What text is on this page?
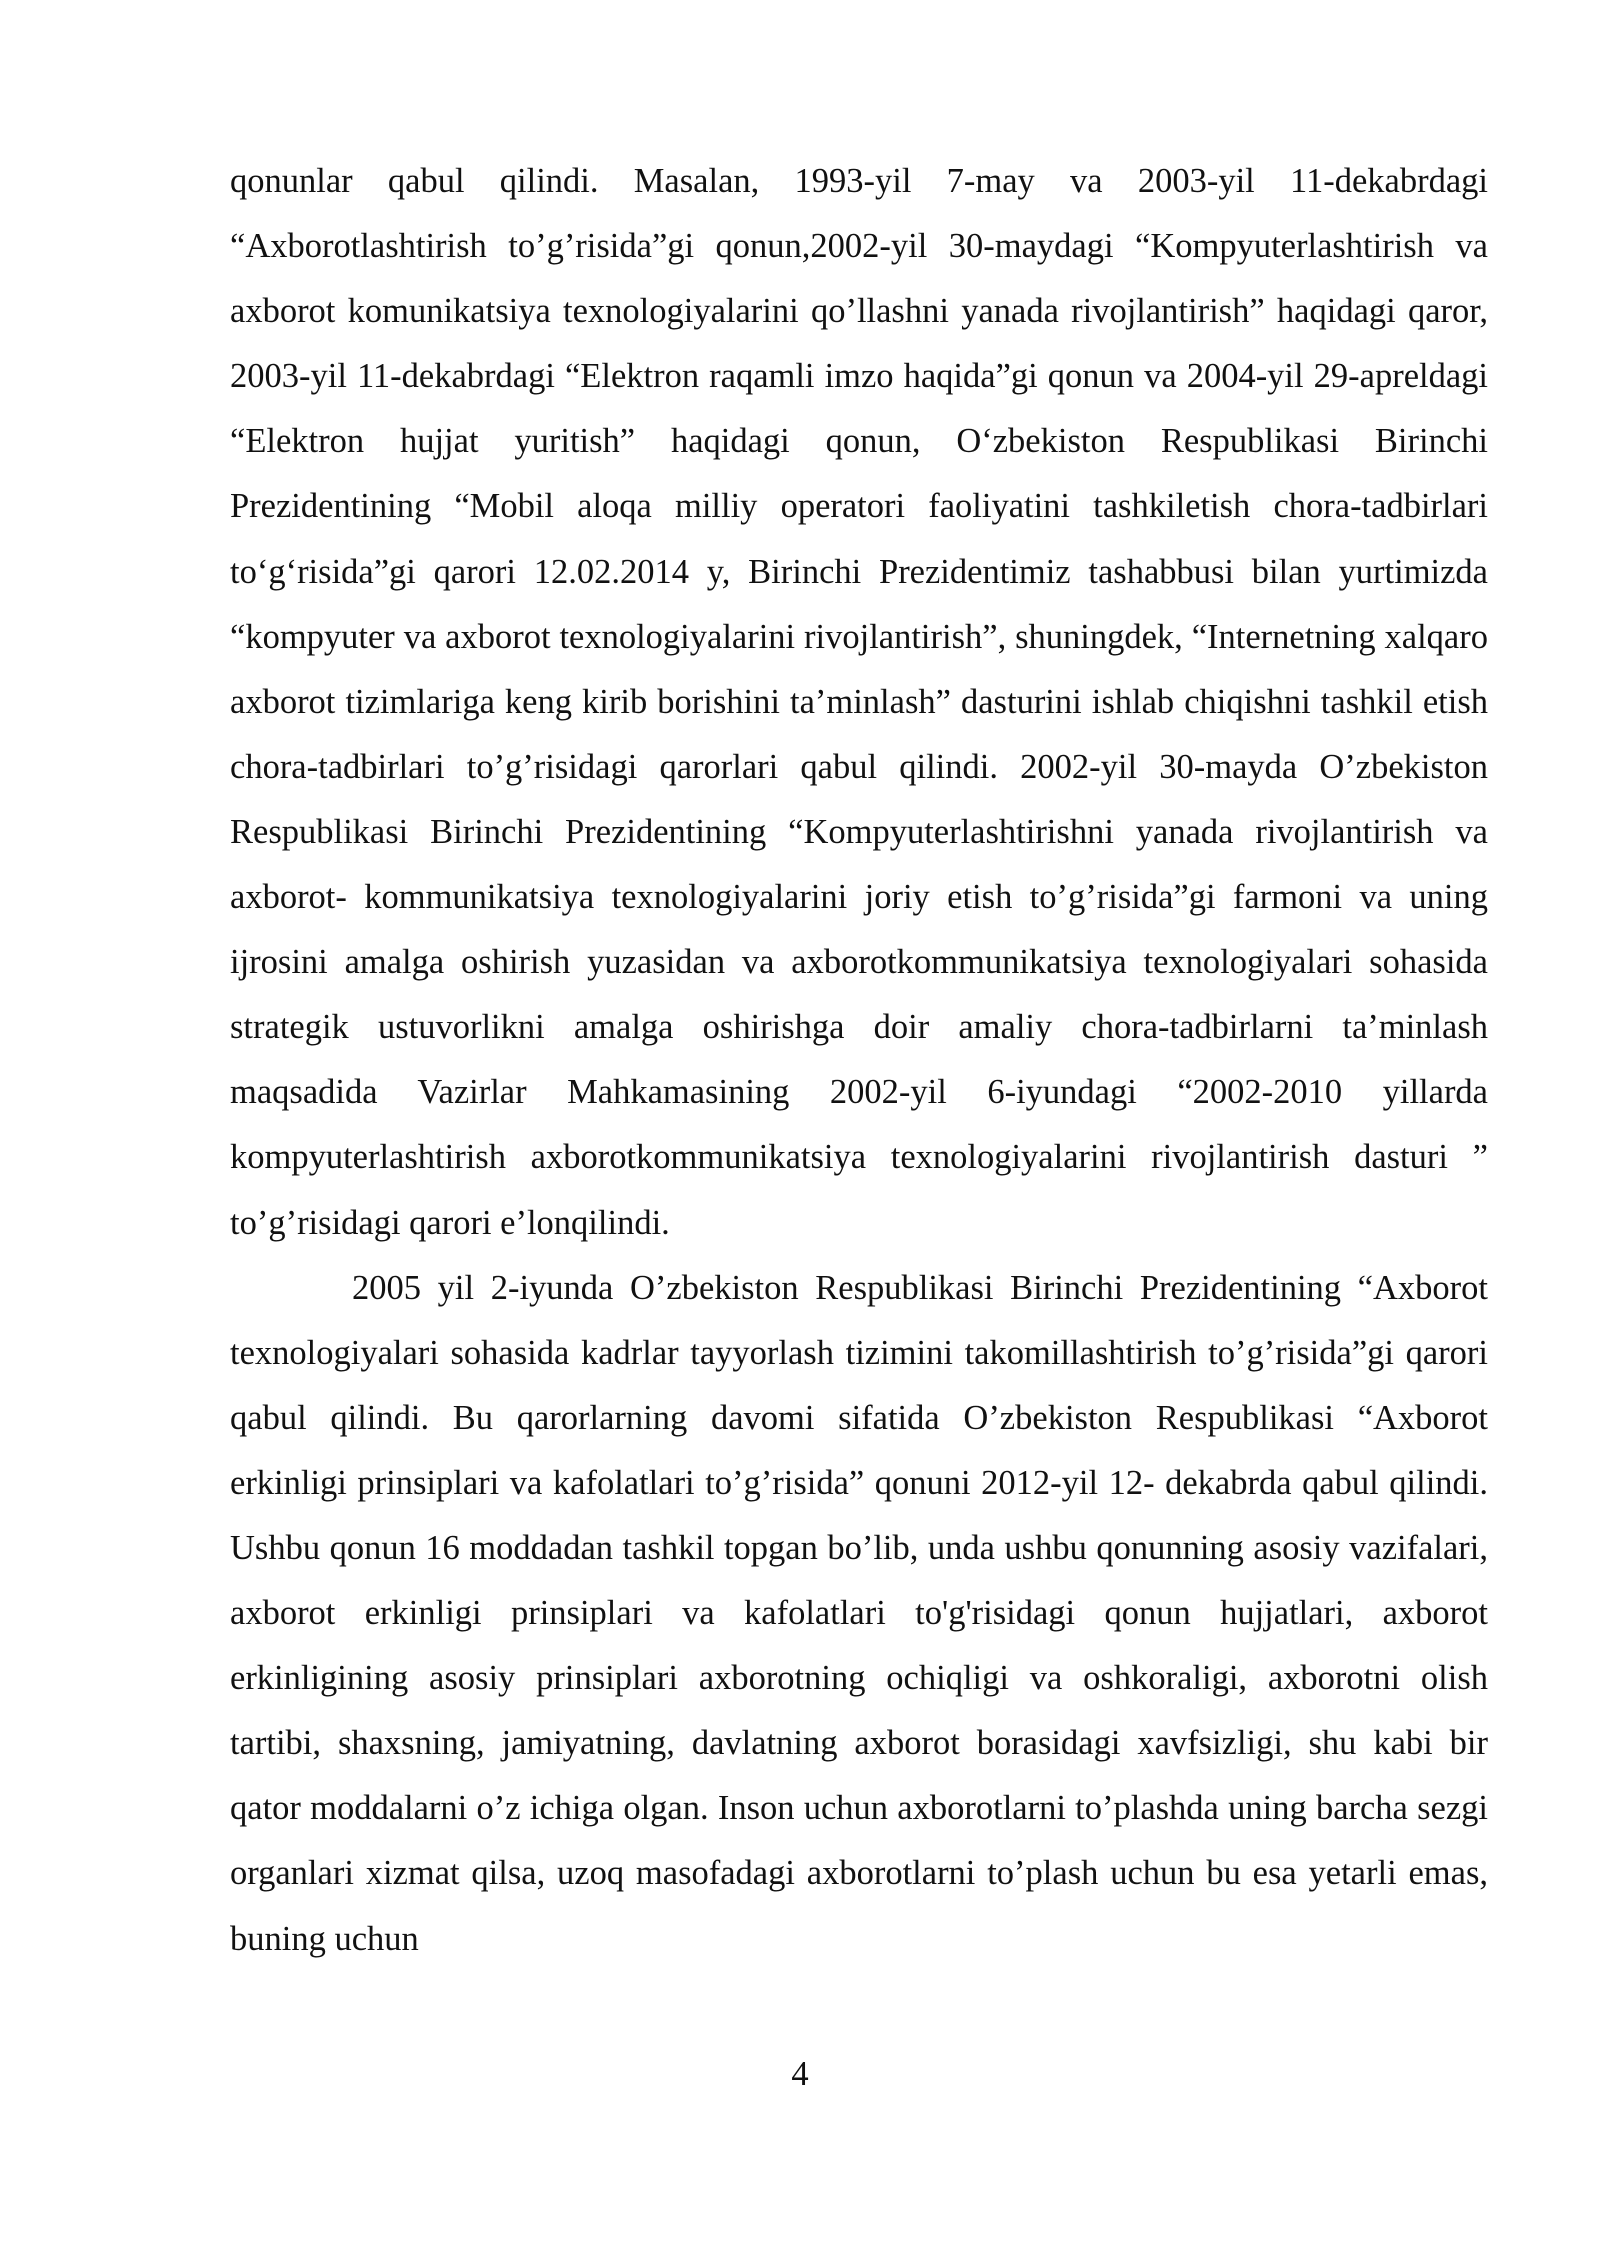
qonunlar qabul qilindi. Masalan, 1993-yil 7-may va 2003-yil 11-dekabrdagi “Axborotlashtirish to’g’risida”gi qonun,2002-yil 30-maydagi “Kompyuterlashtirish va axborot komunikatsiya texnologiyalarini qo’llashni yanada rivojlantirish” haqidagi qaror, 2003-yil 11-dekabrdagi “Elektron raqamli imzo haqida”gi qonun va 2004-yil 29-apreldagi “Elektron hujjat yuritish” haqidagi qonun, O‘zbekiston Respublikasi Birinchi Prezidentining “Mobil aloqa milliy operatori faoliyatini tashkiletish chora-tadbirlari to‘g‘risida”gi qarori 12.02.2014 y, Birinchi Prezidentimiz tashabbusi bilan yurtimizda “kompyuter va axborot texnologiyalarini rivojlantirish”, shuningdek, “Internetning xalqaro axborot tizimlariga keng kirib borishini ta’minlash” dasturini ishlab chiqishni tashkil etish chora-tadbirlari to’g’risidagi qarorlari qabul qilindi. 2002-yil 30-mayda O’zbekiston Respublikasi Birinchi Prezidentining “Kompyuterlashtirishni yanada rivojlantirish va axborot- kommunikatsiya texnologiyalarini joriy etish to’g’risida”gi farmoni va uning ijrosini amalga oshirish yuzasidan va axborotkommunikatsiya texnologiyalari sohasida strategik ustuvorlikni amalga oshirishga doir amaliy chora-tadbirlarni ta’minlash maqsadida Vazirlar Mahkamasining 2002-yil 6-iyundagi “2002-2010 yillarda kompyuterlashtirish axborotkommunikatsiya texnologiyalarini rivojlantirish dasturi ” to’g’risidagi qarori e’lonqilindi.

2005 yil 2-iyunda O’zbekiston Respublikasi Birinchi Prezidentining “Axborot texnologiyalari sohasida kadrlar tayyorlash tizimini takomillashtirish to’g’risida”gi qarori qabul qilindi. Bu qarorlarning davomi sifatida O’zbekiston Respublikasi “Axborot erkinligi prinsiplari va kafolatlari to’g’risida” qonuni 2012-yil 12- dekabrda qabul qilindi. Ushbu qonun 16 moddadan tashkil topgan bo’lib, unda ushbu qonunning asosiy vazifalari, axborot erkinligi prinsiplari va kafolatlari to'g'risidagi qonun hujjatlari, axborot erkinligining asosiy prinsiplari axborotning ochiqligi va oshkoraligi, axborotni olish tartibi, shaxsning, jamiyatning, davlatning axborot borasidagi xavfsizligi, shu kabi bir qator moddalarni o’z ichiga olgan. Inson uchun axborotlarni to’plashda uning barcha sezgi organlari xizmat qilsa, uzoq masofadagi axborotlarni to’plash uchun bu esa yetarli emas, buning uchun

4
